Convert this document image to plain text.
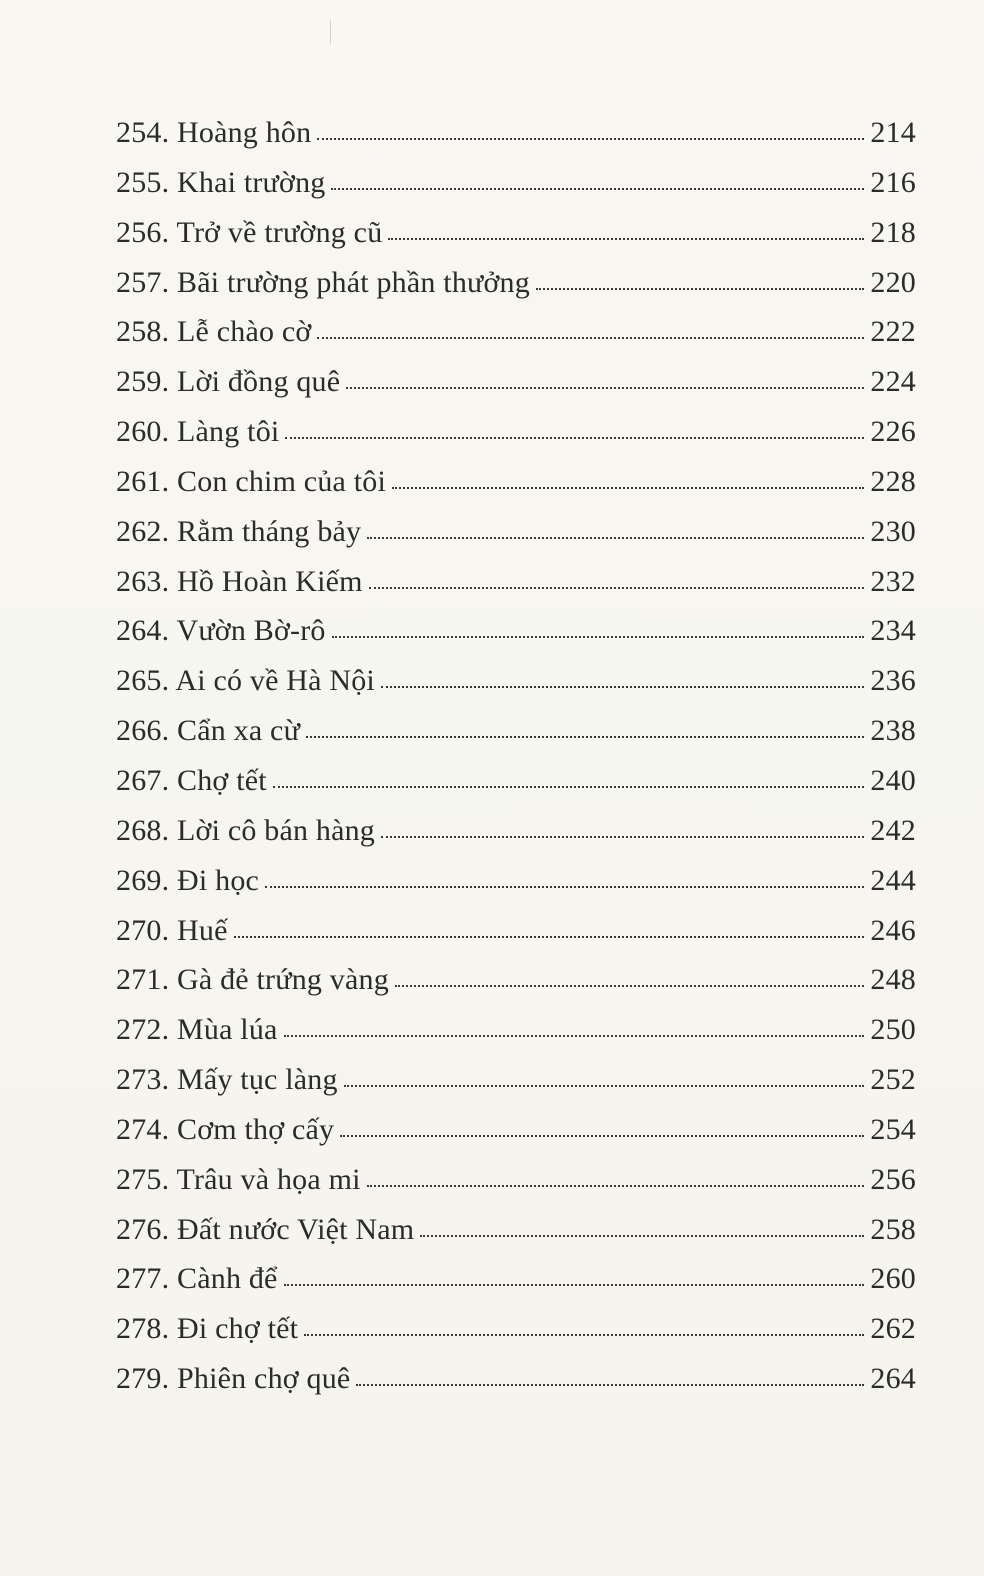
254. Hoàng hôn	214
255. Khai trường	216
256. Trở về trường cũ	218
257. Bãi trường phát phần thưởng	220
258. Lễ chào cờ	222
259. Lời đồng quê	224
260. Làng tôi	226
261. Con chim của tôi	228
262. Rằm tháng bảy	230
263. Hồ Hoàn Kiếm	232
264. Vườn Bờ-rô	234
265. Ai có về Hà Nội	236
266. Cẩn xa cừ	238
267. Chợ tết	240
268. Lời cô bán hàng	242
269. Đi học	244
270. Huế	246
271. Gà đẻ trứng vàng	248
272. Mùa lúa	250
273. Mấy tục làng	252
274. Cơm thợ cấy	254
275. Trâu và họa mi	256
276. Đất nước Việt Nam	258
277. Cành để	260
278. Đi chợ tết	262
279. Phiên chợ quê	264
